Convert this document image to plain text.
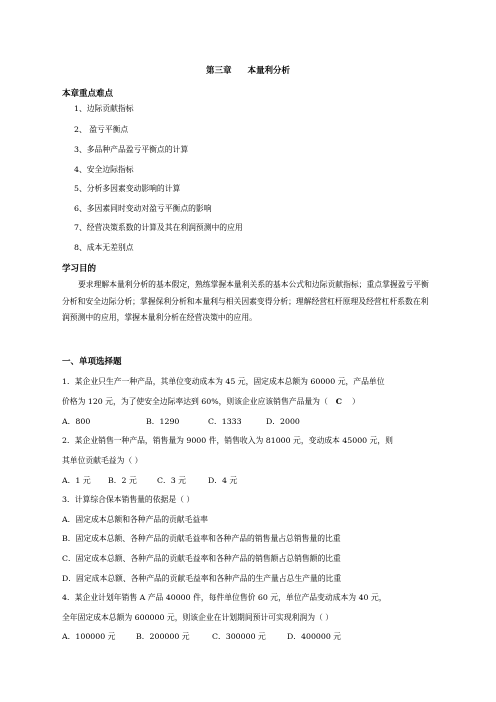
第三章 本量利分析
本章重点难点
1、边际贡献指标
2、 盈亏平衡点
3、多品种产品盈亏平衡点的计算
4、安全边际指标
5、分析多因素变动影响的计算
6、多因素同时变动对盈亏平衡点的影响
7、经营决策系数的计算及其在利润预测中的应用
8、成本无差别点
学习目的

要求理解本量利分析的基本假定，熟练掌握本量利关系的基本公式和边际贡献指标；重点掌握盈亏平衡分析和安全边际分析；掌握保利分析和本量利与相关因素变得分析；理解经营杠杆原理及经营杠杆系数在利润预测中的应用，掌握本量利分析在经营决策中的应用。

一、单项选择题
1．某企业只生产一种产品，其单位变动成本为 45 元，固定成本总额为 60000 元，产品单位
价格为 120 元，为了使安全边际率达到 60%，则该企业应该销售产品量为（ C ）
A．800	B．1290	C．1333	D．2000
2．某企业销售一种产品，销售量为 9000 件，销售收入为 81000 元，变动成本 45000 元，则
其单位贡献毛益为（ ）
A．1 元 B．2 元	C．3 元	D．4 元
3．计算综合保本销售量的依据是（ ）
A．固定成本总额和各种产品的贡献毛益率
B．固定成本总额、各种产品的贡献毛益率和各种产品的销售量占总销售量的比重
C．固定成本总额、各种产品的贡献毛益率和各种产品的销售额占总销售额的比重
D．固定成本总额、各种产品的贡献毛益率和各种产品的生产量占总生产量的比重
4．某企业计划年销售 A 产品 40000 件，每件单位售价 60 元，单位产品变动成本为 40 元，
全年固定成本总额为 600000 元，则该企业在计划期间预计可实现利润为（ ）
A．100000 元	B．200000 元	C．300000 元	D．400000 元
